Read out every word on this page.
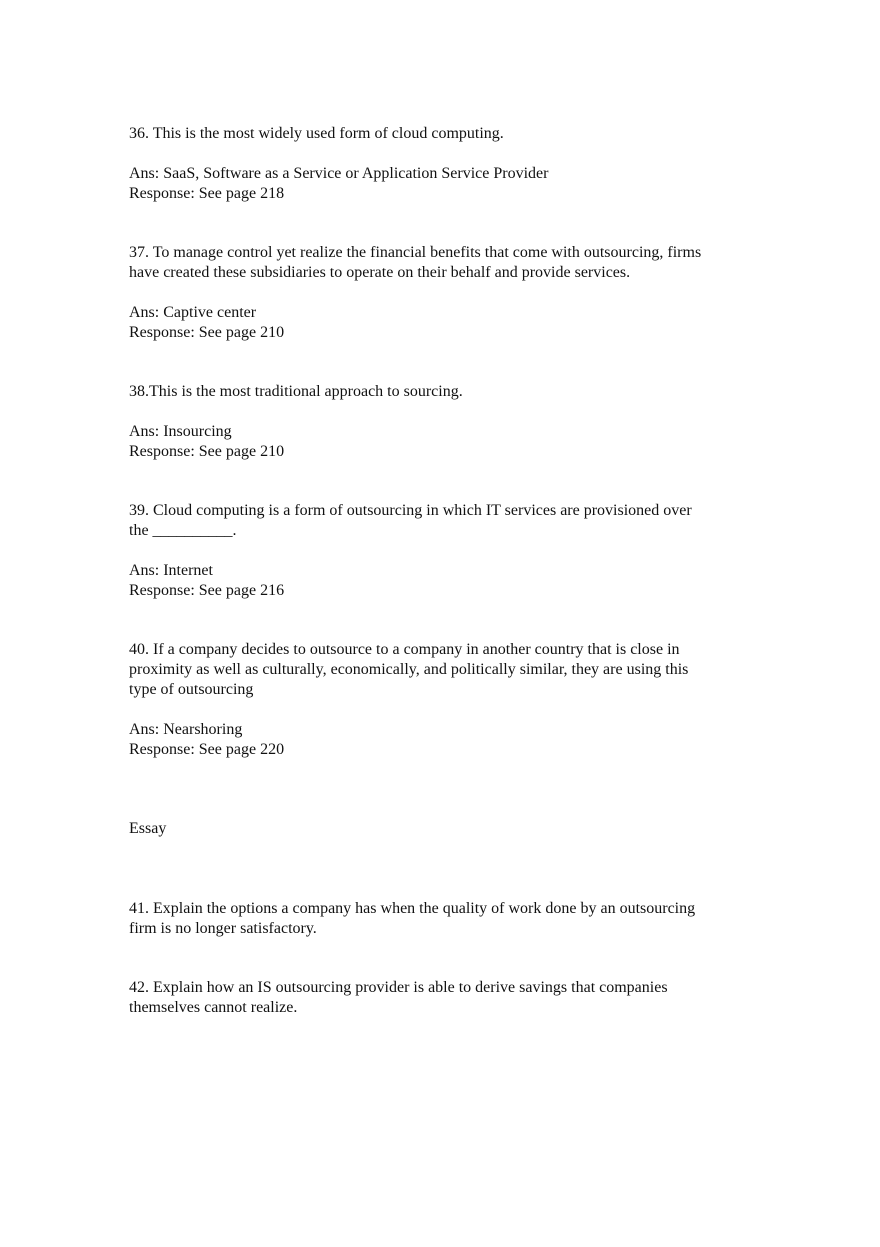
36. This is the most widely used form of cloud computing.
Ans: SaaS, Software as a Service or Application Service Provider
Response: See page 218
37. To manage control yet realize the financial benefits that come with outsourcing, firms
have created these subsidiaries to operate on their behalf and provide services.
Ans: Captive center
Response: See page 210
38.This is the most traditional approach to sourcing.
Ans: Insourcing
Response: See page 210
39. Cloud computing is a form of outsourcing in which IT services are provisioned over
the __________.
Ans: Internet
Response: See page 216
40. If a company decides to outsource to a company in another country that is close in
proximity as well as culturally, economically, and politically similar, they are using this
type of outsourcing
Ans: Nearshoring
Response: See page 220
Essay
41. Explain the options a company has when the quality of work done by an outsourcing
firm is no longer satisfactory.
42. Explain how an IS outsourcing provider is able to derive savings that companies
themselves cannot realize.
